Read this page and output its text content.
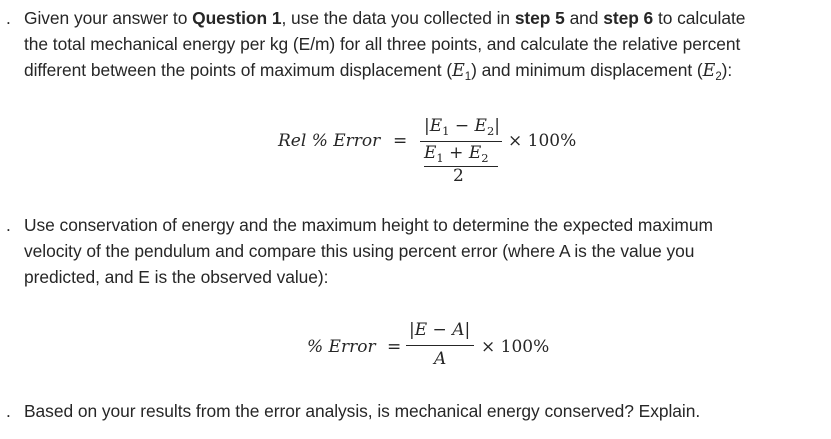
. Given your answer to Question 1, use the data you collected in step 5 and step 6 to calculate
the total mechanical energy per kg (E/m) for all three points, and calculate the relative percent
different between the points of maximum displacement $(E_1)$ and minimum displacement $(E_2)$:
Rel % Error =
$|E_1 - E_2|$
$E_1 + E_2$
2
× 100%
. Use conservation of energy and the maximum height to determine the expected maximum
velocity of the pendulum and compare this using percent error (where A is the value you
predicted, and E is the observed value):
% Error =
|E − A|
A
× 100%
. Based on your results from the error analysis, is mechanical energy conserved? Explain.
